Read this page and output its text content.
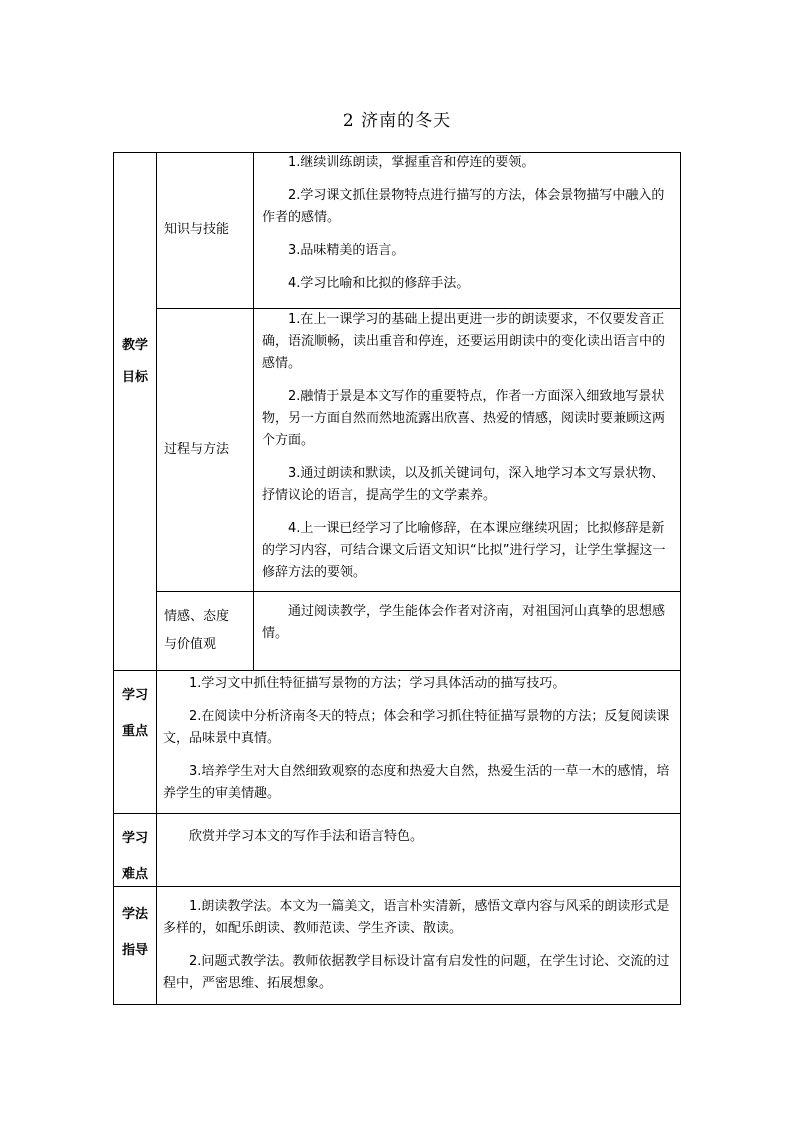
2 济南的冬天
教学
目标
知识与技能

1.继续训练朗读，掌握重音和停连的要领。

2.学习课文抓住景物特点进行描写的方法，体会景物描写中融入的作者的感情。

3.品味精美的语言。

4.学习比喻和比拟的修辞手法。

过程与方法

1.在上一课学习的基础上提出更进一步的朗读要求，不仅要发音正确，语流顺畅，读出重音和停连，还要运用朗读中的变化读出语言中的感情。

2.融情于景是本文写作的重要特点，作者一方面深入细致地写景状物，另一方面自然而然地流露出欣喜、热爱的情感，阅读时要兼顾这两个方面。

3.通过朗读和默读，以及抓关键词句，深入地学习本文写景状物、抒情议论的语言，提高学生的文学素养。

4.上一课已经学习了比喻修辞，在本课应继续巩固；比拟修辞是新的学习内容，可结合课文后语文知识“比拟”进行学习，让学生掌握这一修辞方法的要领。

情感、态度
与价值观

通过阅读教学，学生能体会作者对济南，对祖国河山真挚的思想感情。

学习
重点

1.学习文中抓住特征描写景物的方法；学习具体活动的描写技巧。

2.在阅读中分析济南冬天的特点；体会和学习抓住特征描写景物的方法；反复阅读课文，品味景中真情。

3.培养学生对大自然细致观察的态度和热爱大自然，热爱生活的一草一木的感情，培养学生的审美情趣。

学习
难点

欣赏并学习本文的写作手法和语言特色。

学法
指导

1.朗读教学法。本文为一篇美文，语言朴实清新，感悟文章内容与风采的朗读形式是多样的，如配乐朗读、教师范读、学生齐读、散读。

2.问题式教学法。教师依据教学目标设计富有启发性的问题，在学生讨论、交流的过程中，严密思维、拓展想象。
